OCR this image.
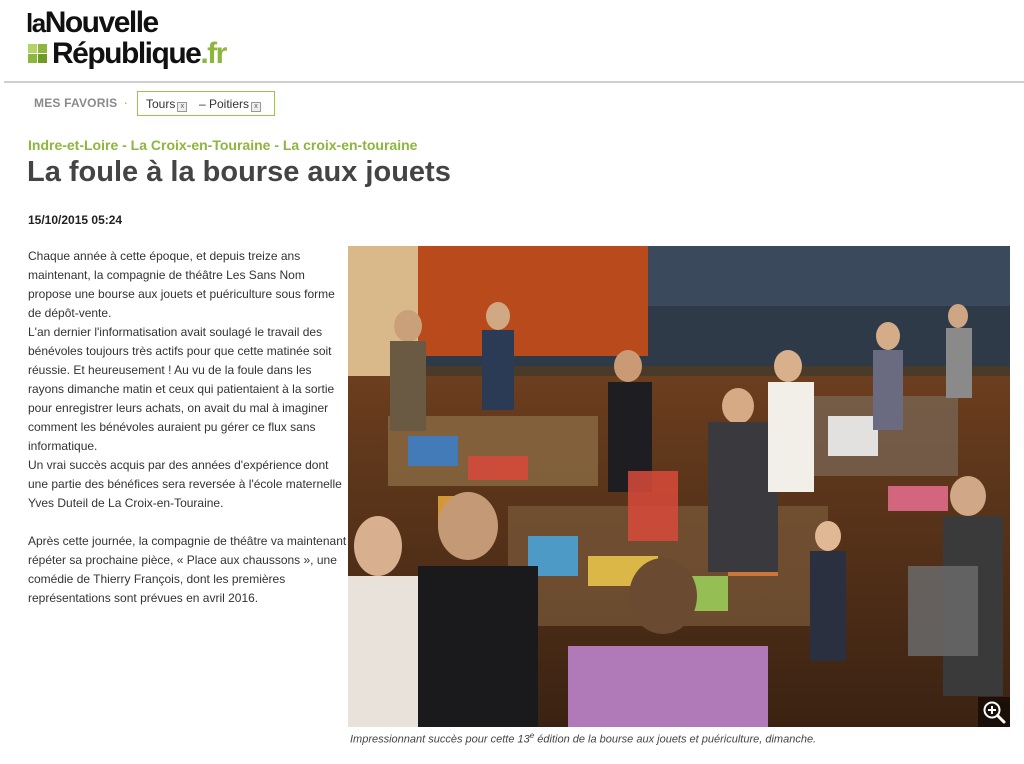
laNouvelle
République.fr
MES FAVORIS . Tours x – Poitiers x
Indre-et-Loire - La Croix-en-Touraine - La croix-en-touraine
La foule à la bourse aux jouets
15/10/2015 05:24

Chaque année à cette époque, et depuis treize ans maintenant, la compagnie de théâtre Les Sans Nom propose une bourse aux jouets et puériculture sous forme de dépôt-vente.

L'an dernier l'informatisation avait soulagé le travail des bénévoles toujours très actifs pour que cette matinée soit réussie. Et heureusement ! Au vu de la foule dans les rayons dimanche matin et ceux qui patientaient à la sortie pour enregistrer leurs achats, on avait du mal à imaginer comment les bénévoles auraient pu gérer ce flux sans informatique.

Un vrai succès acquis par des années d'expérience dont une partie des bénéfices sera reversée à l'école maternelle Yves Duteil de La Croix-en-Touraine.

Après cette journée, la compagnie de théâtre va maintenant répéter sa prochaine pièce, « Place aux chaussons », une comédie de Thierry François, dont les premières représentations sont prévues en avril 2016.

Impressionnant succès pour cette 13e édition de la bourse aux jouets et puériculture, dimanche.
